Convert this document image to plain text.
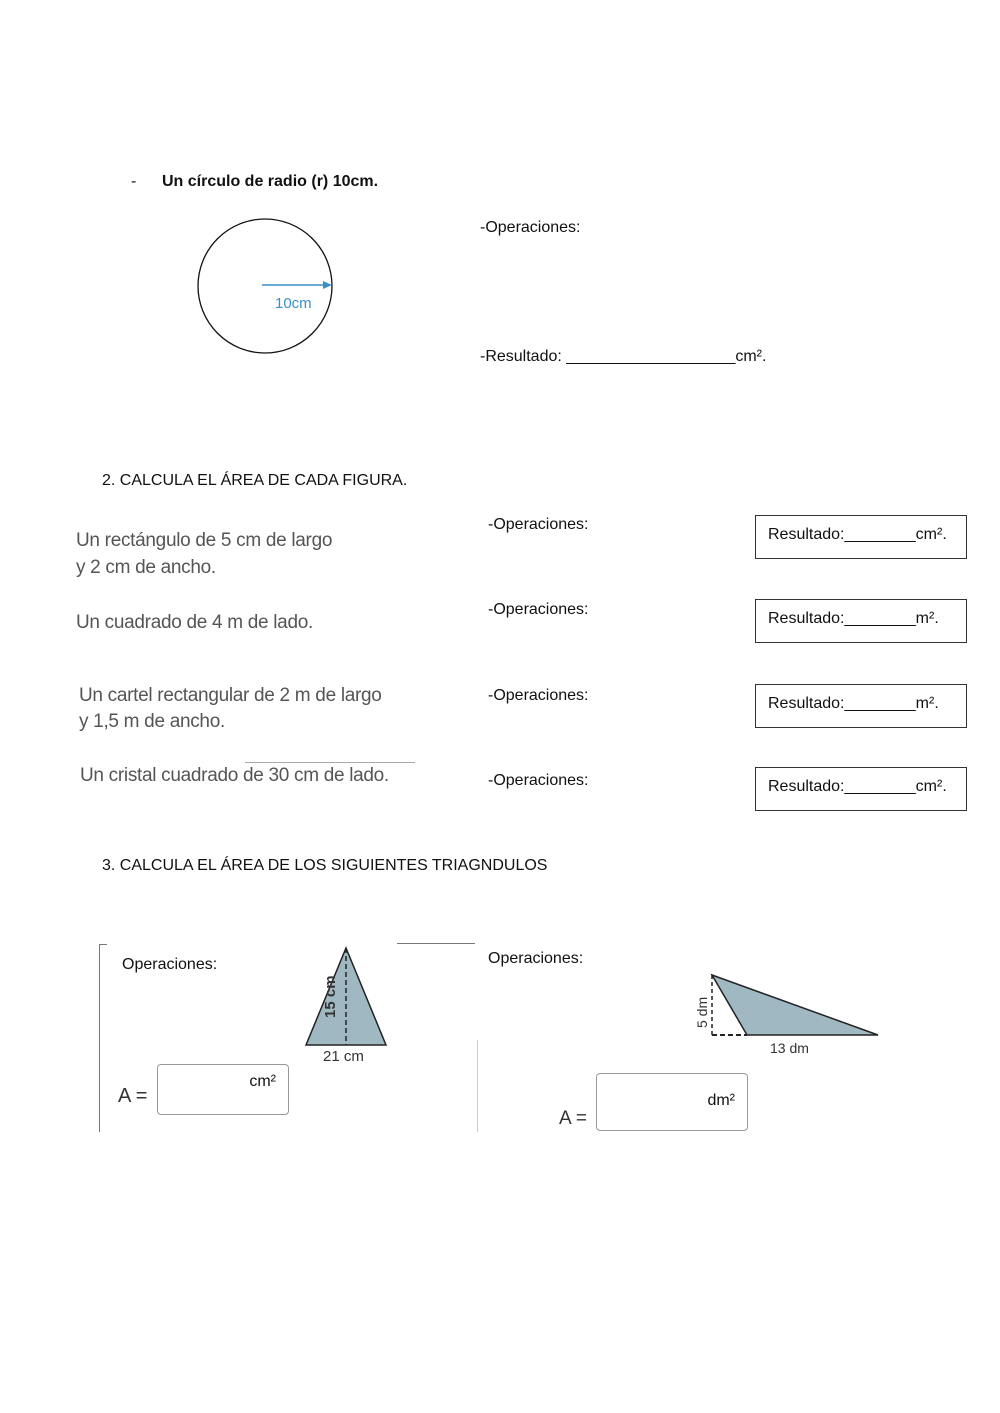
- Un círculo de radio (r) 10cm.
10cm
-Operaciones:
-Resultado: ___________________cm².
2. CALCULA EL ÁREA DE CADA FIGURA.
Un rectángulo de 5 cm de largo
y 2 cm de ancho.
-Operaciones:
Resultado:________cm².
Un cuadrado de 4 m de lado.
-Operaciones:
Resultado:________m².
Un cartel rectangular de 2 m de largo
y 1,5 m de ancho.
-Operaciones:	Resultado:________m².
Un cristal cuadrado de 30 cm de lado.	-Operaciones:	Resultado:________cm².
3. CALCULA EL ÁREA DE LOS SIGUIENTES TRIAGNDULOS
Operaciones:
15 cm
21 cm
A =
cm²
Operaciones:
5 dm
13 dm
A =
dm²
